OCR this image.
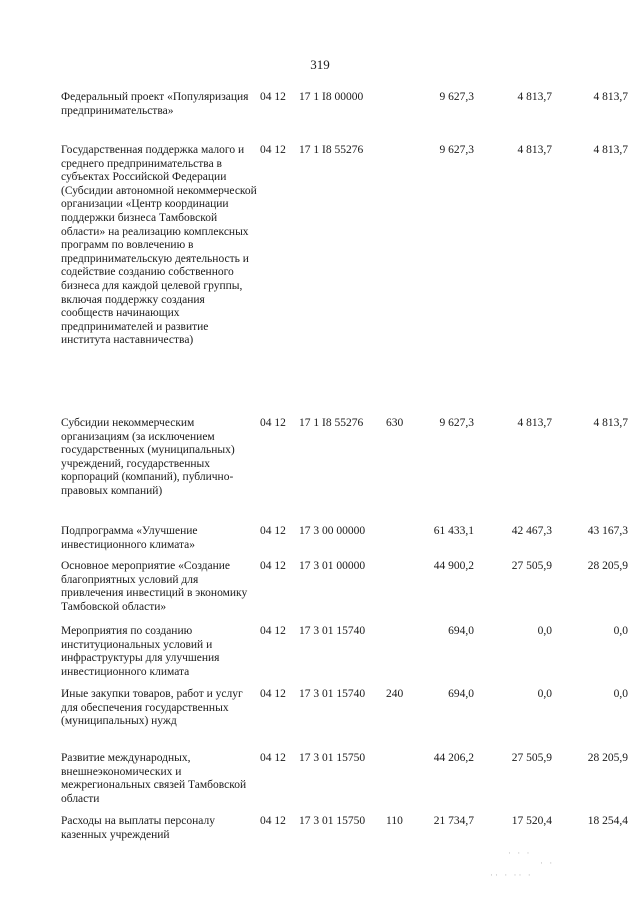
319
Федеральный проект «Популяризация предпринимательства»
04 12 17 1 I8 00000	9 627,3	4 813,7	4 813,7
Государственная поддержка малого и среднего предпринимательства в субъектах Российской Федерации (Субсидии автономной некоммерческой организации «Центр координации поддержки бизнеса Тамбовской области» на реализацию комплексных программ по вовлечению в предпринимательскую деятельность и содействие созданию собственного бизнеса для каждой целевой группы, включая поддержку создания сообществ начинающих предпринимателей и развитие института наставничества)
04 12 17 1 I8 55276	9 627,3	4 813,7	4 813,7
Субсидии некоммерческим организациям (за исключением государственных (муниципальных) учреждений, государственных корпораций (компаний), публично-правовых компаний)
04 12 17 1 I8 55276 630	9 627,3	4 813,7	4 813,7
Подпрограмма «Улучшение инвестиционного климата»
04 12 17 3 00 00000	61 433,1	42 467,3	43 167,3
Основное мероприятие «Создание благоприятных условий для привлечения инвестиций в экономику Тамбовской области»
04 12 17 3 01 00000	44 900,2	27 505,9	28 205,9
Мероприятия по созданию институциональных условий и инфраструктуры для улучшения инвестиционного климата
04 12 17 3 01 15740	694,0	0,0	0,0
Иные закупки товаров, работ и услуг для обеспечения государственных (муниципальных) нужд
04 12 17 3 01 15740 240	694,0	0,0	0,0
Развитие международных, внешнеэкономических и межрегиональных связей Тамбовской области
04 12 17 3 01 15750	44 206,2	27 505,9	28 205,9
Расходы на выплаты персоналу казенных учреждений
04 12 17 3 01 15750 110	21 734,7	17 520,4	18 254,4
· · ·
· ·
·· · ·· ·
